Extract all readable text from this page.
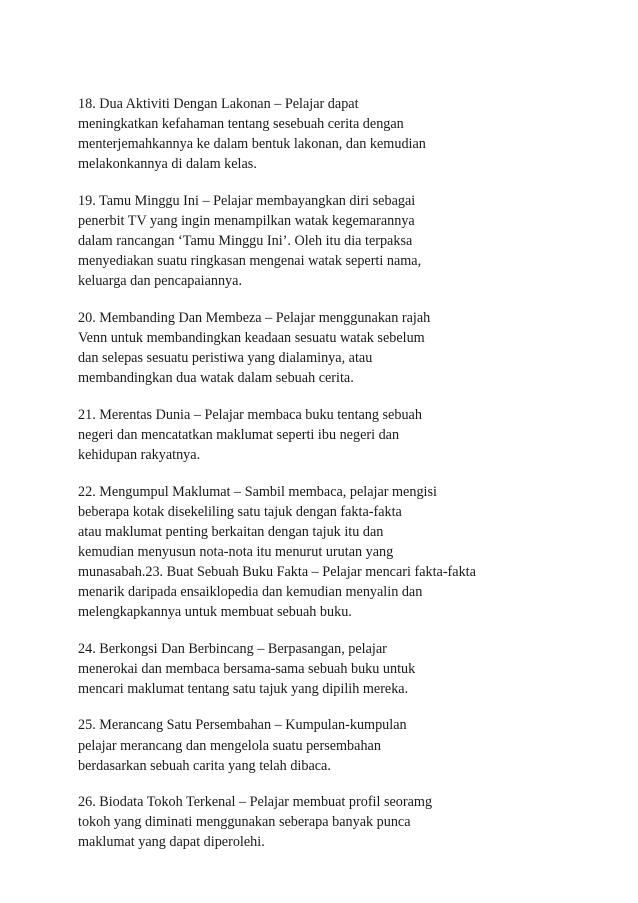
18. Dua Aktiviti Dengan Lakonan – Pelajar dapat
meningkatkan kefahaman tentang sesebuah cerita dengan
menterjemahkannya ke dalam bentuk lakonan, dan kemudian
melakonkannya di dalam kelas.
19. Tamu Minggu Ini – Pelajar membayangkan diri sebagai
penerbit TV yang ingin menampilkan watak kegemarannya
dalam rancangan ‘Tamu Minggu Ini’. Oleh itu dia terpaksa
menyediakan suatu ringkasan mengenai watak seperti nama,
keluarga dan pencapaiannya.
20. Membanding Dan Membeza – Pelajar menggunakan rajah
Venn untuk membandingkan keadaan sesuatu watak sebelum
dan selepas sesuatu peristiwa yang dialaminya, atau
membandingkan dua watak dalam sebuah cerita.
21. Merentas Dunia – Pelajar membaca buku tentang sebuah
negeri dan mencatatkan maklumat seperti ibu negeri dan
kehidupan rakyatnya.
22. Mengumpul Maklumat – Sambil membaca, pelajar mengisi
beberapa kotak disekeliling satu tajuk dengan fakta-fakta
atau maklumat penting berkaitan dengan tajuk itu dan
kemudian menyusun nota-nota itu menurut urutan yang
munasabah.23. Buat Sebuah Buku Fakta – Pelajar mencari fakta-fakta
menarik daripada ensaiklopedia dan kemudian menyalin dan
melengkapkannya untuk membuat sebuah buku.
24. Berkongsi Dan Berbincang – Berpasangan, pelajar
menerokai dan membaca bersama-sama sebuah buku untuk
mencari maklumat tentang satu tajuk yang dipilih mereka.
25. Merancang Satu Persembahan – Kumpulan-kumpulan
pelajar merancang dan mengelola suatu persembahan
berdasarkan sebuah carita yang telah dibaca.
26. Biodata Tokoh Terkenal – Pelajar membuat profil seoramg
tokoh yang diminati menggunakan seberapa banyak punca
maklumat yang dapat diperolehi.
